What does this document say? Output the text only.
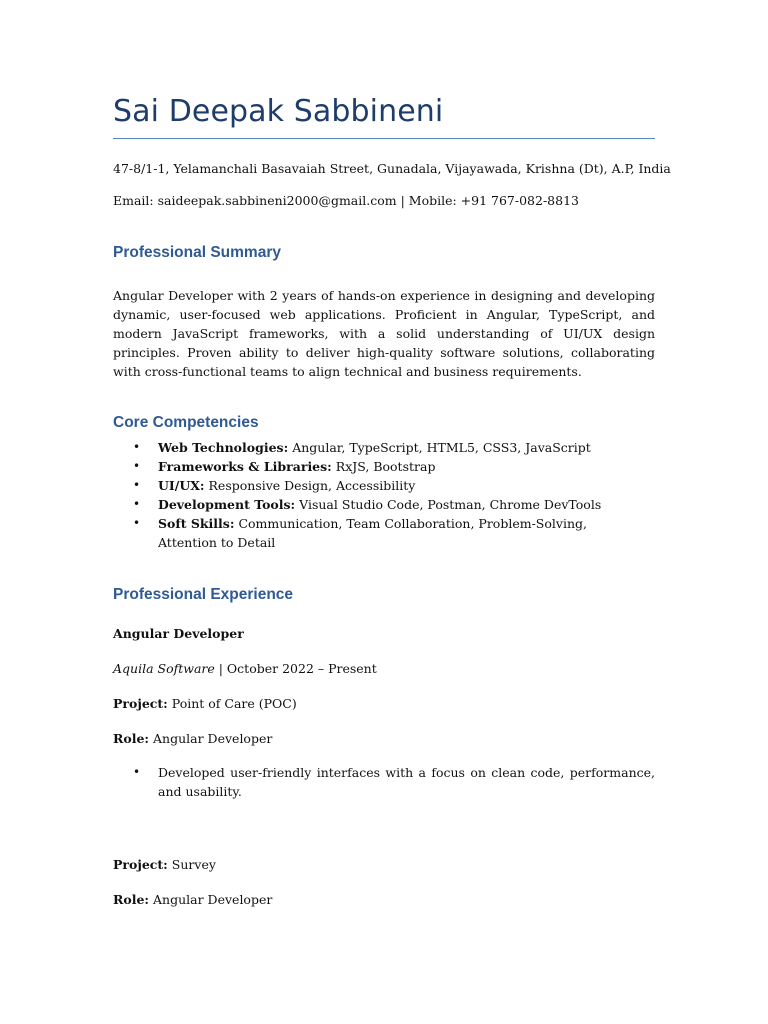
Sai Deepak Sabbineni
47-8/1-1, Yelamanchali Basavaiah Street, Gunadala, Vijayawada, Krishna (Dt), A.P, India
Email: saideepak.sabbineni2000@gmail.com | Mobile: +91 767-082-8813
Professional Summary
Angular Developer with 2 years of hands-on experience in designing and developing dynamic, user-focused web applications. Proficient in Angular, TypeScript, and modern JavaScript frameworks, with a solid understanding of UI/UX design principles. Proven ability to deliver high-quality software solutions, collaborating with cross-functional teams to align technical and business requirements.
Core Competencies
• Web Technologies: Angular, TypeScript, HTML5, CSS3, JavaScript
• Frameworks & Libraries: RxJS, Bootstrap
• UI/UX: Responsive Design, Accessibility
• Development Tools: Visual Studio Code, Postman, Chrome DevTools
• Soft Skills: Communication, Team Collaboration, Problem-Solving, Attention to Detail
Professional Experience
Angular Developer
Aquila Software | October 2022 – Present
Project: Point of Care (POC)
Role: Angular Developer
• Developed user-friendly interfaces with a focus on clean code, performance, and usability.
Project: Survey
Role: Angular Developer
